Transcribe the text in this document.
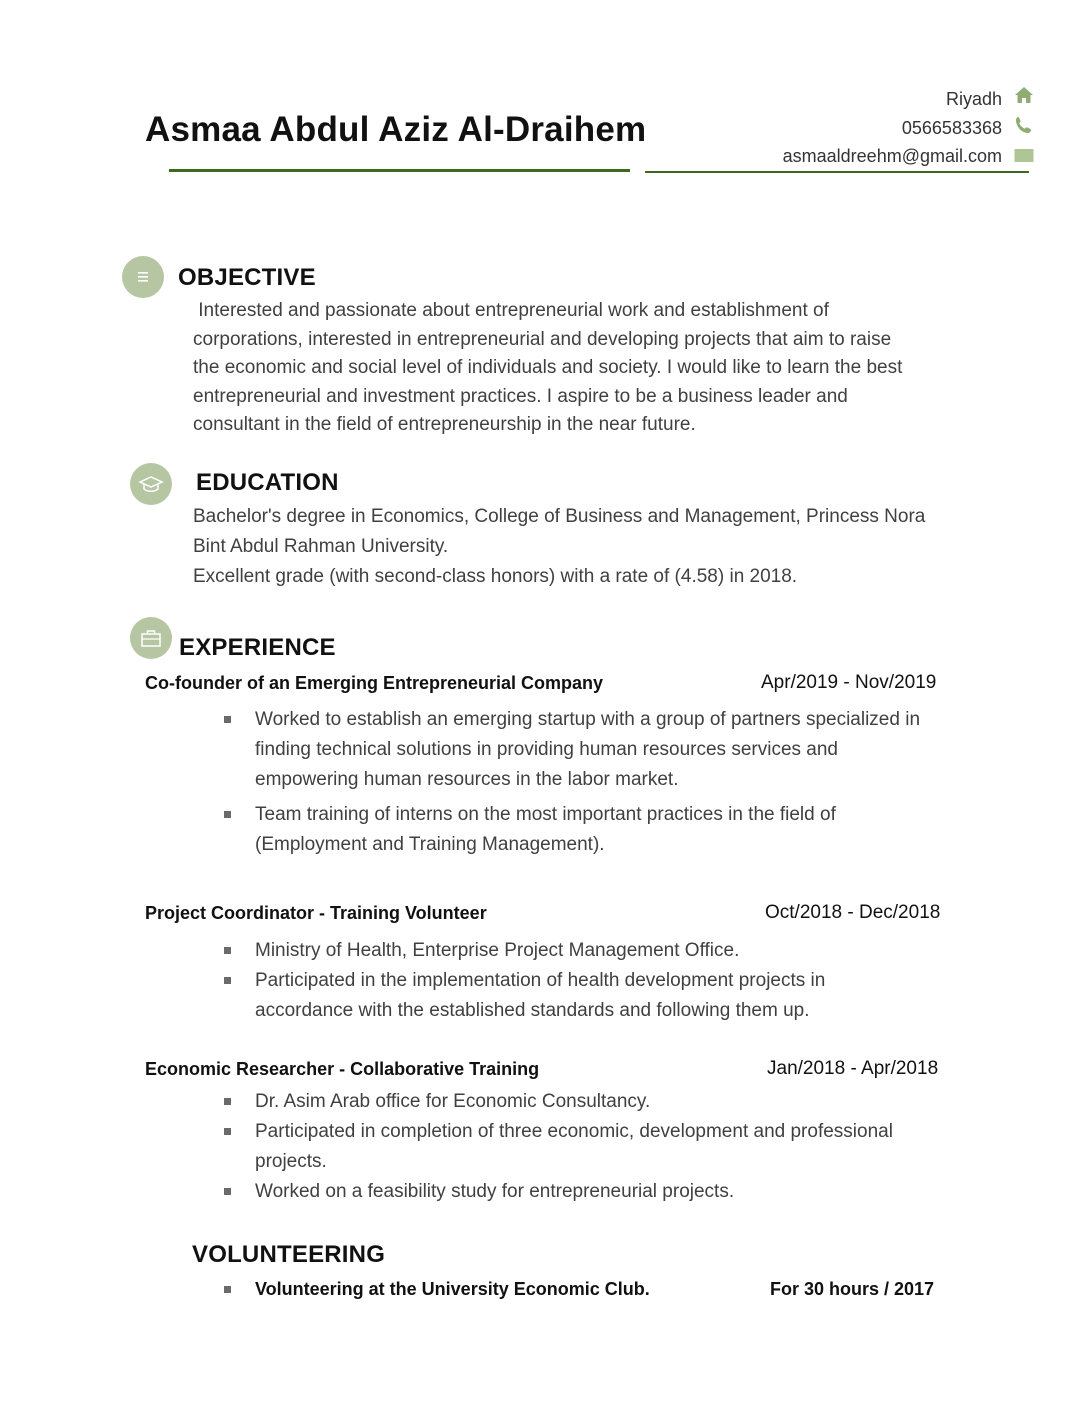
Asmaa Abdul Aziz Al-Draihem
Riyadh
0566583368
asmaaldreehm@gmail.com
OBJECTIVE
Interested and passionate about entrepreneurial work and establishment of
corporations, interested in entrepreneurial and developing projects that aim to raise
the economic and social level of individuals and society. I would like to learn the best
entrepreneurial and investment practices. I aspire to be a business leader and
consultant in the field of entrepreneurship in the near future.
EDUCATION
Bachelor's degree in Economics, College of Business and Management, Princess Nora
Bint Abdul Rahman University.
Excellent grade (with second-class honors) with a rate of (4.58) in 2018.
EXPERIENCE
Co-founder of an Emerging Entrepreneurial Company	Apr/2019 - Nov/2019
Worked to establish an emerging startup with a group of partners specialized in
finding technical solutions in providing human resources services and
empowering human resources in the labor market.
Team training of interns on the most important practices in the field of
(Employment and Training Management).
Project Coordinator - Training Volunteer	Oct/2018 - Dec/2018
Ministry of Health, Enterprise Project Management Office.
Participated in the implementation of health development projects in
accordance with the established standards and following them up.
Economic Researcher - Collaborative Training	Jan/2018 - Apr/2018
Dr. Asim Arab office for Economic Consultancy.
Participated in completion of three economic, development and professional
projects.
Worked on a feasibility study for entrepreneurial projects.
VOLUNTEERING
Volunteering at the University Economic Club.	For 30 hours / 2017
